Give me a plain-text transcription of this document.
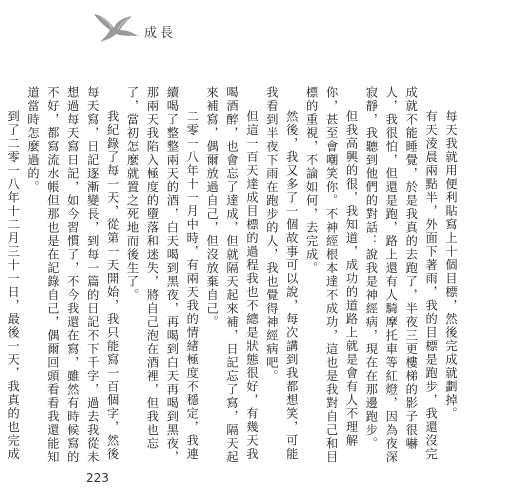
成長

每天我就用便利貼寫上十個目標，然後完成就劃掉。

有天淩晨兩點半，外面下著雨，我的目標是跑步，我還沒完成就不能睡覺，於是我真的去跑了，半夜三更樓梯的影子很嚇人，我很怕，但還是跑，路上還有人騎摩托車等紅燈，因為夜深寂靜，我聽到他們的對話：說我是神經病，現在在那邊跑步。

但我高興的很，我知道，成功的道路上就是會有人不理解你，甚至會嘲笑你。不神經根本達不成功，這也是我對自己和目標的重視，不論如何，去完成。

然後，我又多了一個故事可以說，每次講到我都想笑，可能我看到半夜下雨在跑步的人，我也覺得神經病吧。

但這一百天達成目標的過程我也不總是狀態很好，有幾天我喝酒醉，也會忘了達成，但就隔天起來補，日記忘了寫，隔天起來補寫，偶爾放過自己，但沒放棄自己。

二零一八年十一月中時，有兩天我的情緒極度不穩定，我連續喝了整整兩天的酒，白天喝到黑夜，再喝到白天再喝到黑夜，那兩天我陷入極度的墮落和迷失，將自己泡在酒裡，但我也忘了，當初怎麼就置之死地而後生了。

我紀錄了每一天，從第一天開始，我只能寫一百個字，然後每天寫，日記逐漸變長，到每一篇的日記不下千字，過去我從未想過每天寫日記，如今習慣了，不今我還在寫，雖然有時候寫的不好，都寫流水帳但那也是在記錄自己，偶爾回頭看看我還能知道當時怎麼過的。

到了二零一八年十二月三十一日，最後一天，我真的也完成

223
